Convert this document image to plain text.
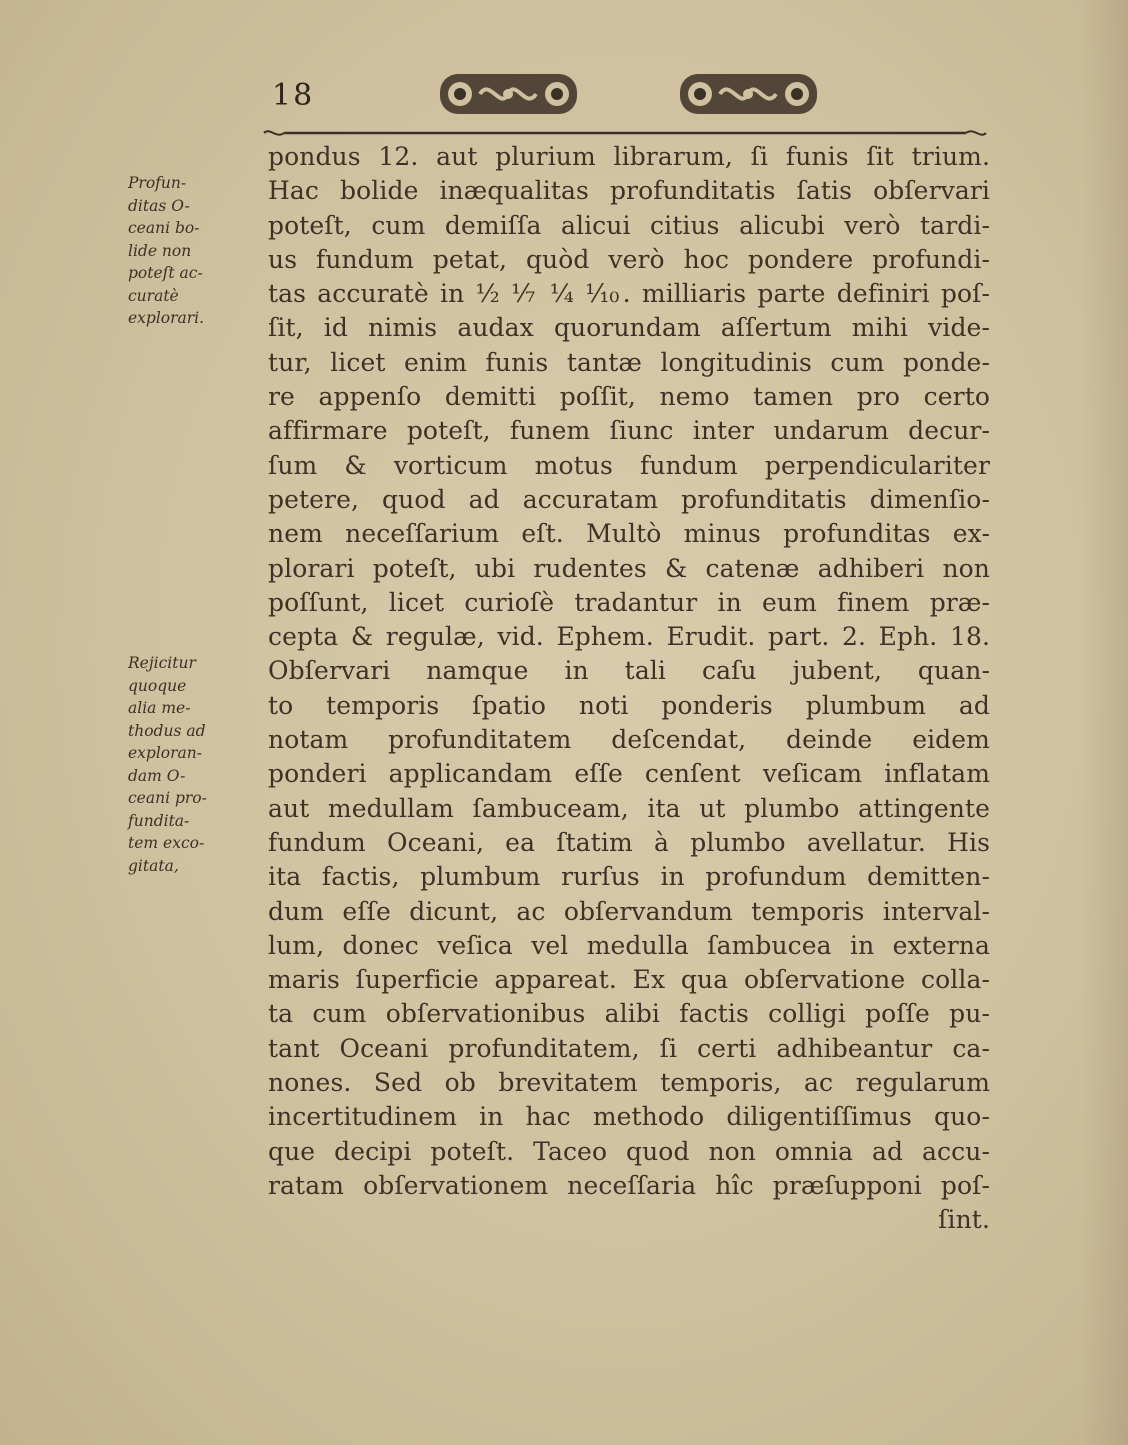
18
Profun-
ditas O-
ceani bo-
lide non
poteſt ac-
curatè
explorari.
Rejicitur
quoque
alia me-
thodus ad
exploran-
dam O-
ceani pro-
fundita-
tem exco-
gitata,
pondus 12. aut plurium librarum, ſi funis ſit trium.
Hac bolide inæqualitas profunditatis ſatis obſervari
poteſt, cum demiſſa alicui citius alicubi verò tardi-
us fundum petat, quòd verò hoc pondere profundi-
tas accuratè in ½ ⅐ ¼ ⅒. milliaris parte definiri poſ-
ſit, id nimis audax quorundam aſſertum mihi vide-
tur, licet enim funis tantæ longitudinis cum ponde-
re appenſo demitti poſſit, nemo tamen pro certo
affirmare poteſt, funem ſiunc inter undarum decur-
ſum & vorticum motus fundum perpendiculariter
petere, quod ad accuratam profunditatis dimenſio-
nem neceſſarium eſt. Multò minus profunditas ex-
plorari poteſt, ubi rudentes & catenæ adhiberi non
poſſunt, licet curioſè tradantur in eum finem præ-
cepta & regulæ, vid. Ephem. Erudit. part. 2. Eph. 18.
Obſervari namque in tali caſu jubent, quan-
to temporis ſpatio noti ponderis plumbum ad
notam profunditatem deſcendat, deinde eidem
ponderi applicandam eſſe cenſent veſicam inflatam
aut medullam ſambuceam, ita ut plumbo attingente
fundum Oceani, ea ſtatim à plumbo avellatur. His
ita factis, plumbum rurſus in profundum demitten-
dum eſſe dicunt, ac obſervandum temporis interval-
lum, donec veſica vel medulla ſambucea in externa
maris ſuperficie appareat. Ex qua obſervatione colla-
ta cum obſervationibus alibi factis colligi poſſe pu-
tant Oceani profunditatem, ſi certi adhibeantur ca-
nones. Sed ob brevitatem temporis, ac regularum
incertitudinem in hac methodo diligentiſſimus quo-
que decipi poteſt. Taceo quod non omnia ad accu-
ratam obſervationem neceſſaria hîc præſupponi poſ-
ſint.
